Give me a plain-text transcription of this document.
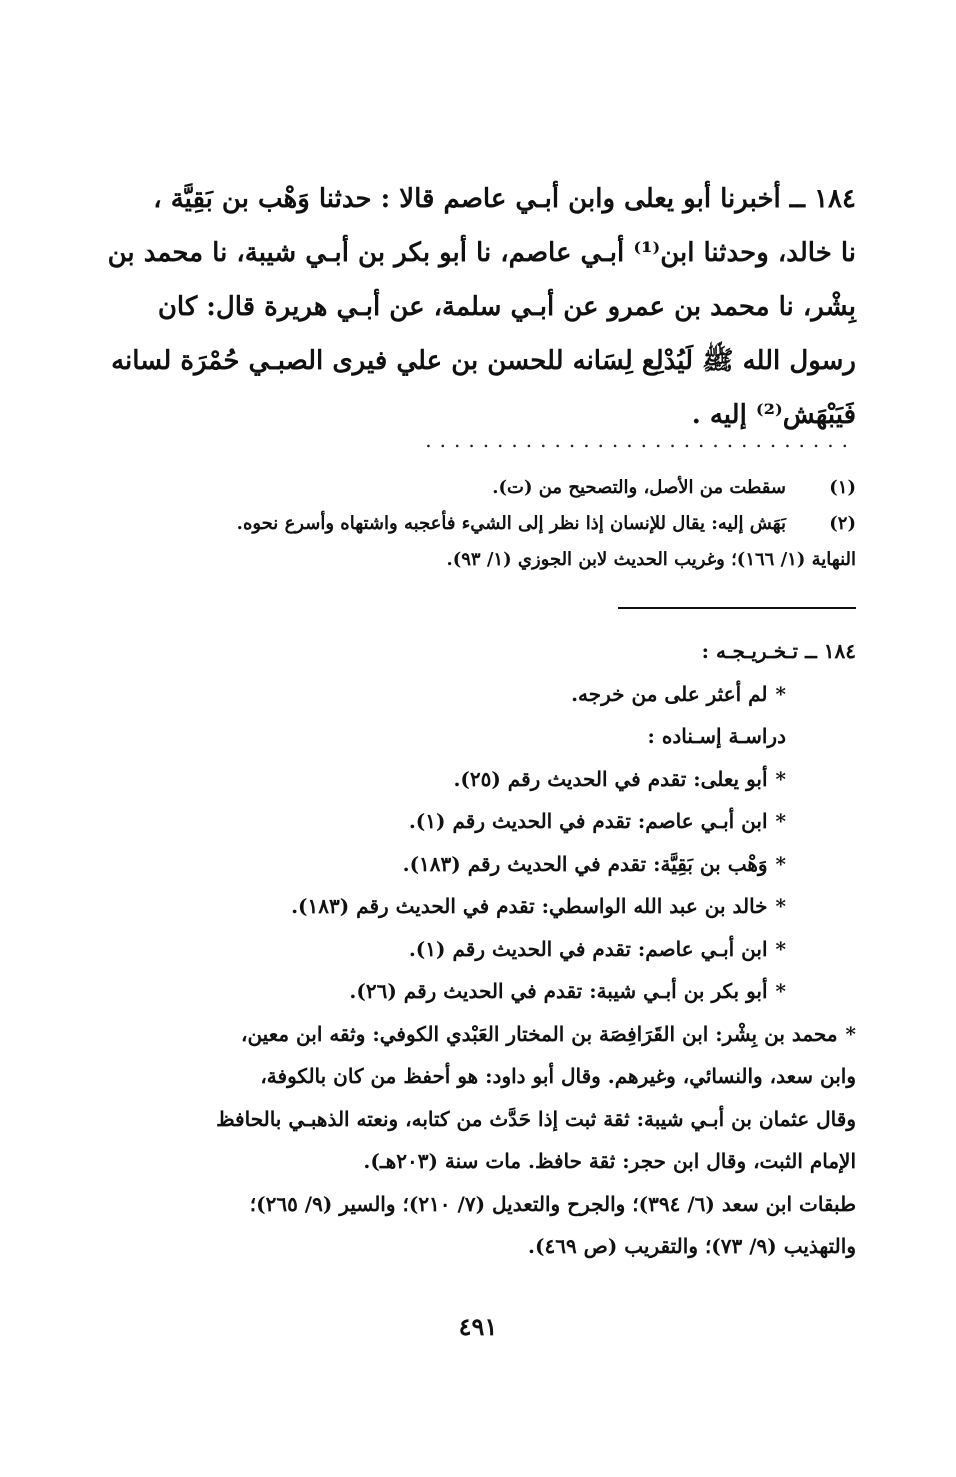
١٨٤ ــ أخبرنا أبو يعلى وابن أبـي عاصم قالا : حدثنا وَهْب بن بَقِيَّة ،

نا خالد، وحدثنا ابن⁽¹⁾ أبـي عاصم، نا أبو بكر بن أبـي شيبة، نا محمد بن

بِشْر، نا محمد بن عمرو عن أبـي سلمة، عن أبـي هريرة قال: كان

رسول الله ﷺ لَيُدْلِع لِسَانه للحسن بن علي فيرى الصبـي حُمْرَة لسانه

فَيَبْهَش⁽²⁾ إليه .

..............................
(١)
سقطت من الأصل، والتصحيح من (ت).
(٢)
بَهَش إليه: يقال للإنسان إذا نظر إلى الشيء فأعجبه واشتهاه وأسرع نحوه.
النهاية (١/ ١٦٦)؛ وغريب الحديث لابن الجوزي (١/ ٩٣).
١٨٤ ــ تـخـريـجـه :
*لم أعثر على من خرجه.
دراسـة إسـناده :
*أبو يعلى: تقدم في الحديث رقم (٢٥).
*ابن أبـي عاصم: تقدم في الحديث رقم (١).
*وَهْب بن بَقِيَّة: تقدم في الحديث رقم (١٨٣).
*خالد بن عبد الله الواسطي: تقدم في الحديث رقم (١٨٣).
*ابن أبـي عاصم: تقدم في الحديث رقم (١).
*أبو بكر بن أبـي شيبة: تقدم في الحديث رقم (٢٦).
*محمد بن بِشْر: ابن القَرَافِصَة بن المختار العَبْدي الكوفي: وثقه ابن معين،
وابن سعد، والنسائي، وغيرهم. وقال أبو داود: هو أحفظ من كان بالكوفة،
وقال عثمان بن أبـي شيبة: ثقة ثبت إذا حَدَّث من كتابه، ونعته الذهبـي بالحافظ
الإمام الثبت، وقال ابن حجر: ثقة حافظ. مات سنة (٢٠٣هـ).
طبقات ابن سعد (٦/ ٣٩٤)؛ والجرح والتعديل (٧/ ٢١٠)؛ والسير (٩/ ٢٦٥)؛
والتهذيب (٩/ ٧٣)؛ والتقريب (ص ٤٦٩).
٤٩١
